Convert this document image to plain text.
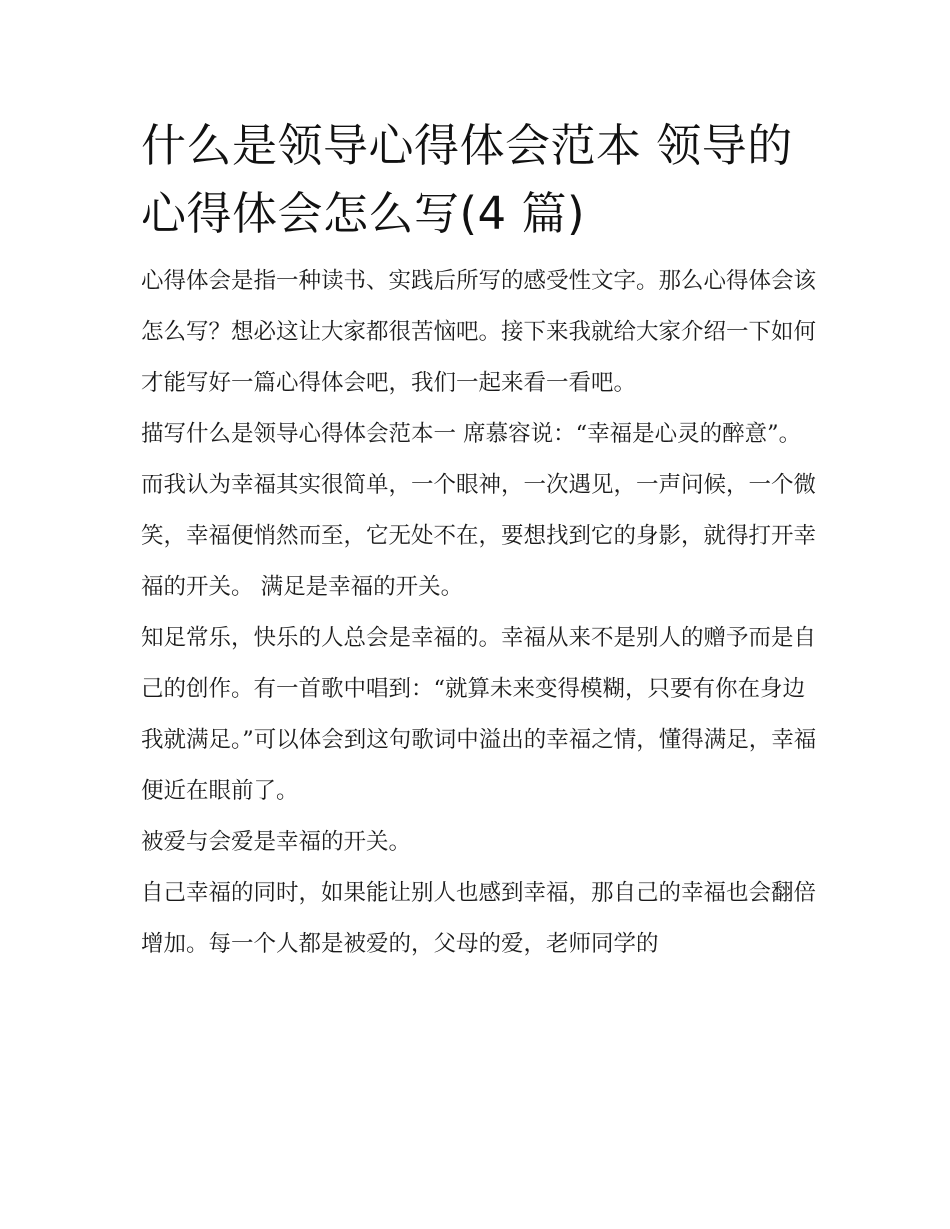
什么是领导心得体会范本 领导的心得体会怎么写(4 篇)

心得体会是指一种读书、实践后所写的感受性文字。那么心得体会该怎么写？想必这让大家都很苦恼吧。接下来我就给大家介绍一下如何才能写好一篇心得体会吧，我们一起来看一看吧。

描写什么是领导心得体会范本一 席慕容说：“幸福是心灵的醉意”。

而我认为幸福其实很简单，一个眼神，一次遇见，一声问候，一个微笑，幸福便悄然而至，它无处不在，要想找到它的身影，就得打开幸福的开关。 满足是幸福的开关。

知足常乐，快乐的人总会是幸福的。幸福从来不是别人的赠予而是自己的创作。有一首歌中唱到：“就算未来变得模糊，只要有你在身边我就满足。”可以体会到这句歌词中溢出的幸福之情，懂得满足，幸福便近在眼前了。

被爱与会爱是幸福的开关。

自己幸福的同时，如果能让别人也感到幸福，那自己的幸福也会翻倍增加。每一个人都是被爱的，父母的爱，老师同学的
